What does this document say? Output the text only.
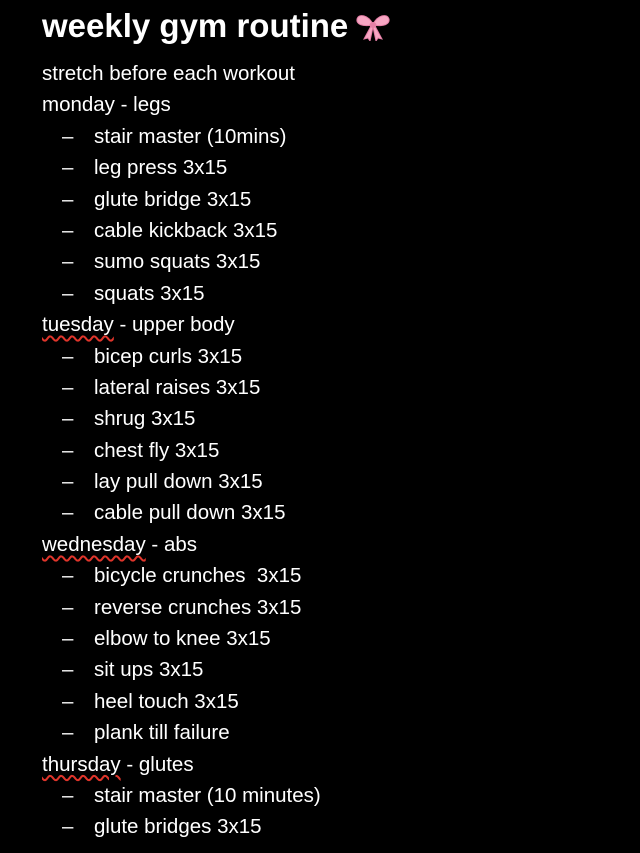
weekly gym routine
stretch before each workout
monday - legs
– stair master (10mins)
– leg press 3x15
– glute bridge 3x15
– cable kickback 3x15
– sumo squats 3x15
– squats 3x15
tuesday - upper body
– bicep curls 3x15
– lateral raises 3x15
– shrug 3x15
– chest fly 3x15
– lay pull down 3x15
– cable pull down 3x15
wednesday - abs
– bicycle crunches  3x15
– reverse crunches 3x15
– elbow to knee 3x15
– sit ups 3x15
– heel touch 3x15
– plank till failure
thursday - glutes
– stair master (10 minutes)
– glute bridges 3x15
